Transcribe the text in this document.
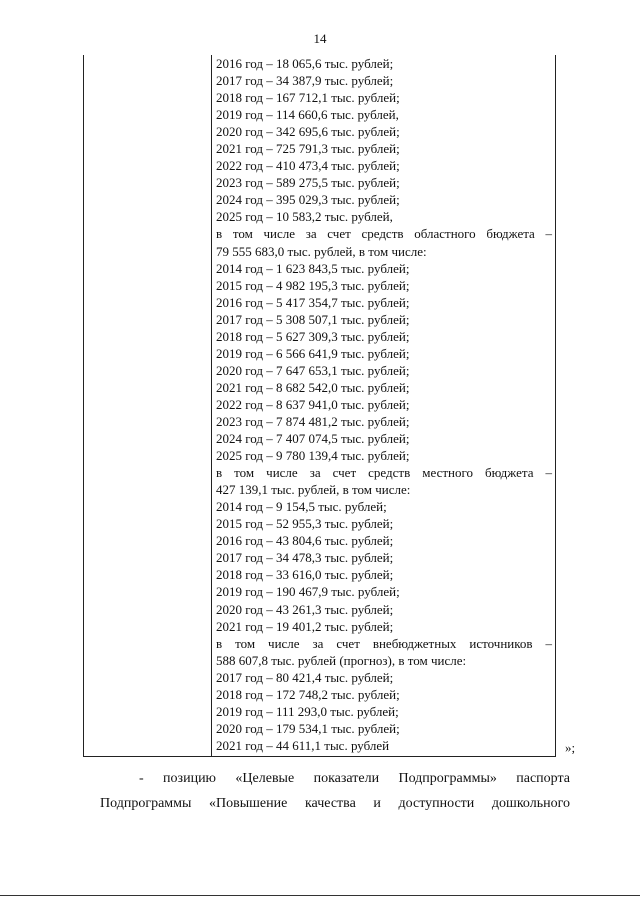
14
2016 год – 18 065,6 тыс. рублей;
2017 год – 34 387,9 тыс. рублей;
2018 год – 167 712,1 тыс. рублей;
2019 год – 114 660,6 тыс. рублей,
2020 год – 342 695,6 тыс. рублей;
2021 год – 725 791,3 тыс. рублей;
2022 год – 410 473,4 тыс. рублей;
2023 год – 589 275,5 тыс. рублей;
2024 год – 395 029,3 тыс. рублей;
2025 год – 10 583,2 тыс. рублей,
в том числе за счет средств областного бюджета –
79 555 683,0 тыс. рублей, в том числе:
2014 год – 1 623 843,5 тыс. рублей;
2015 год – 4 982 195,3 тыс. рублей;
2016 год – 5 417 354,7 тыс. рублей;
2017 год – 5 308 507,1 тыс. рублей;
2018 год – 5 627 309,3 тыс. рублей;
2019 год – 6 566 641,9 тыс. рублей;
2020 год – 7 647 653,1 тыс. рублей;
2021 год – 8 682 542,0 тыс. рублей;
2022 год – 8 637 941,0 тыс. рублей;
2023 год – 7 874 481,2 тыс. рублей;
2024 год – 7 407 074,5 тыс. рублей;
2025 год – 9 780 139,4 тыс. рублей;
в том числе за счет средств местного бюджета –
427 139,1 тыс. рублей, в том числе:
2014 год – 9 154,5 тыс. рублей;
2015 год – 52 955,3 тыс. рублей;
2016 год – 43 804,6 тыс. рублей;
2017 год – 34 478,3 тыс. рублей;
2018 год – 33 616,0 тыс. рублей;
2019 год – 190 467,9 тыс. рублей;
2020 год – 43 261,3 тыс. рублей;
2021 год – 19 401,2 тыс. рублей;
в том числе за счет внебюджетных источников –
588 607,8 тыс. рублей (прогноз), в том числе:
2017 год – 80 421,4 тыс. рублей;
2018 год – 172 748,2 тыс. рублей;
2019 год – 111 293,0 тыс. рублей;
2020 год – 179 534,1 тыс. рублей;
2021 год – 44 611,1 тыс. рублей	»;
- позицию «Целевые показатели Подпрограммы» паспорта
Подпрограммы «Повышение качества и доступности дошкольного
